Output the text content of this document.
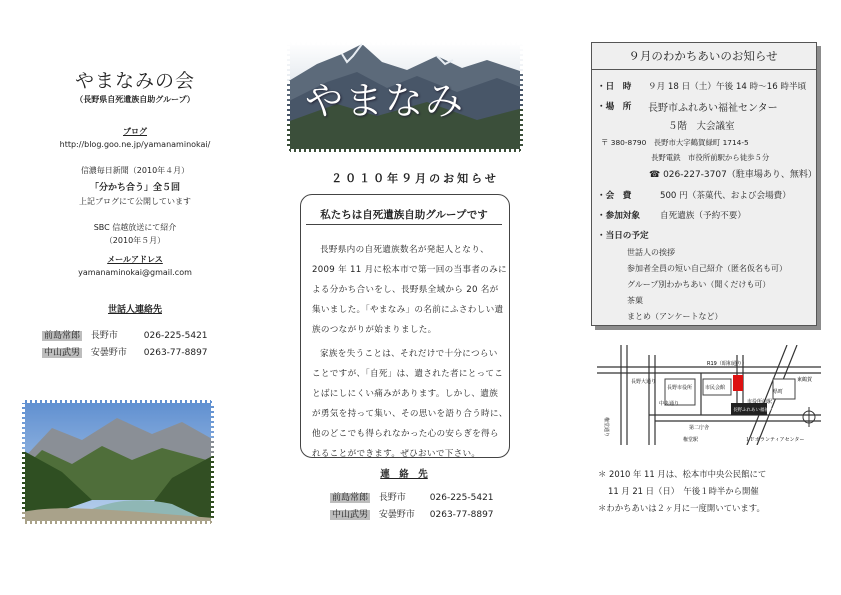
やまなみの会
（長野県自死遺族自助グループ）
ブログ
http://blog.goo.ne.jp/yamanaminokai/
信濃毎日新聞（2010年４月）
「分かち合う」全５回
上記ブログにて公開しています
SBC 信越放送にて紹介
（2010年５月）
メールアドレス
yamanaminokai@gmail.com
世話人連絡先
前島常郎 長野市	026-225-5421
中山武男 安曇野市 0263-77-8897
やまなみ
２０１０年９月のお知らせ
私たちは自死遺族自助グループです
長野県内の自死遺族数名が発起人となり、
2009 年 11 月に松本市で第一回の当事者のみに
よる分かち合いをし、長野県全域から 20 名が
集いました。「やまなみ」の名前にふさわしい遺
族のつながりが始まりました。
家族を失うことは、それだけで十分につらい
ことですが、「自死」は、遺された者にとってこ
とばにしにくい痛みがあります。しかし、遺族
が勇気を持って集い、その思いを語り合う時に、
他のどこでも得られなかった心の安らぎを得ら
れることができます。ぜひおいで下さい。
連　絡　先
前島常郎 長野市	026-225-5421
中山武男 安曇野市 0263-77-8897
９月のわかちあいのお知らせ
・日　時	９月 18 日（土）午後 14 時～16 時半頃
・場　所	長野市ふれあい福祉センター
５階　大会議室
〒 380-8790　長野市大字鶴賀緑町 1714-5
長野電鉄　市役所前駅から徒歩５分
☎ 026-227-3707（駐車場あり、無料）
・会　費	500 円（茶菓代、および会場費）
・参加対象	自死遺族（予約不要）
・当日の予定
世話人の挨拶
参加者全員の短い自己紹介（匿名仮名も可）
グループ別わかちあい（聞くだけも可）
茶菓
まとめ（アンケートなど）
R19（昭和通り）
長野大通り
長野市役所	市民会館
県町
東鶴賀
長野ふれあい福祉センター
市役所前駅
第二庁舎
権堂駅	１Ｆボランティアセンター
権堂通り
中央通り
＊ 2010 年 11 月は、松本市中央公民館にて
11 月 21 日（日）　午後１時半から開催
＊わかちあいは２ヶ月に一度開いています。
